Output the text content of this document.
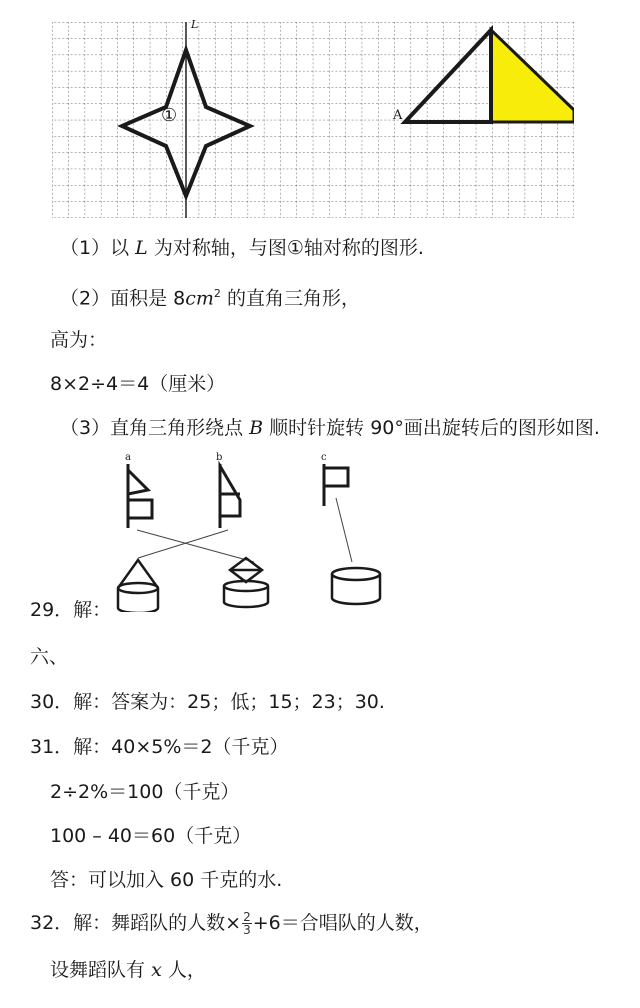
L
①	A
（1）以 L 为对称轴，与图①轴对称的图形.
（2）面积是 $8cm^2$ 的直角三角形，
高为：
8×2÷4＝4（厘米）
（3）直角三角形绕点 B 顺时针旋转 90°画出旋转后的图形如图.
a	b	c
29．解：
六、
30．解：答案为：25；低；15；23；30.
31．解：40×5%＝2（千克）
2÷2%＝100（千克）
100 – 40＝60（千克）
答：可以加入 60 千克的水.
32．解：舞蹈队的人数× $\frac{2}{3} +6=$合唱队的人数，
设舞蹈队有 x 人，
